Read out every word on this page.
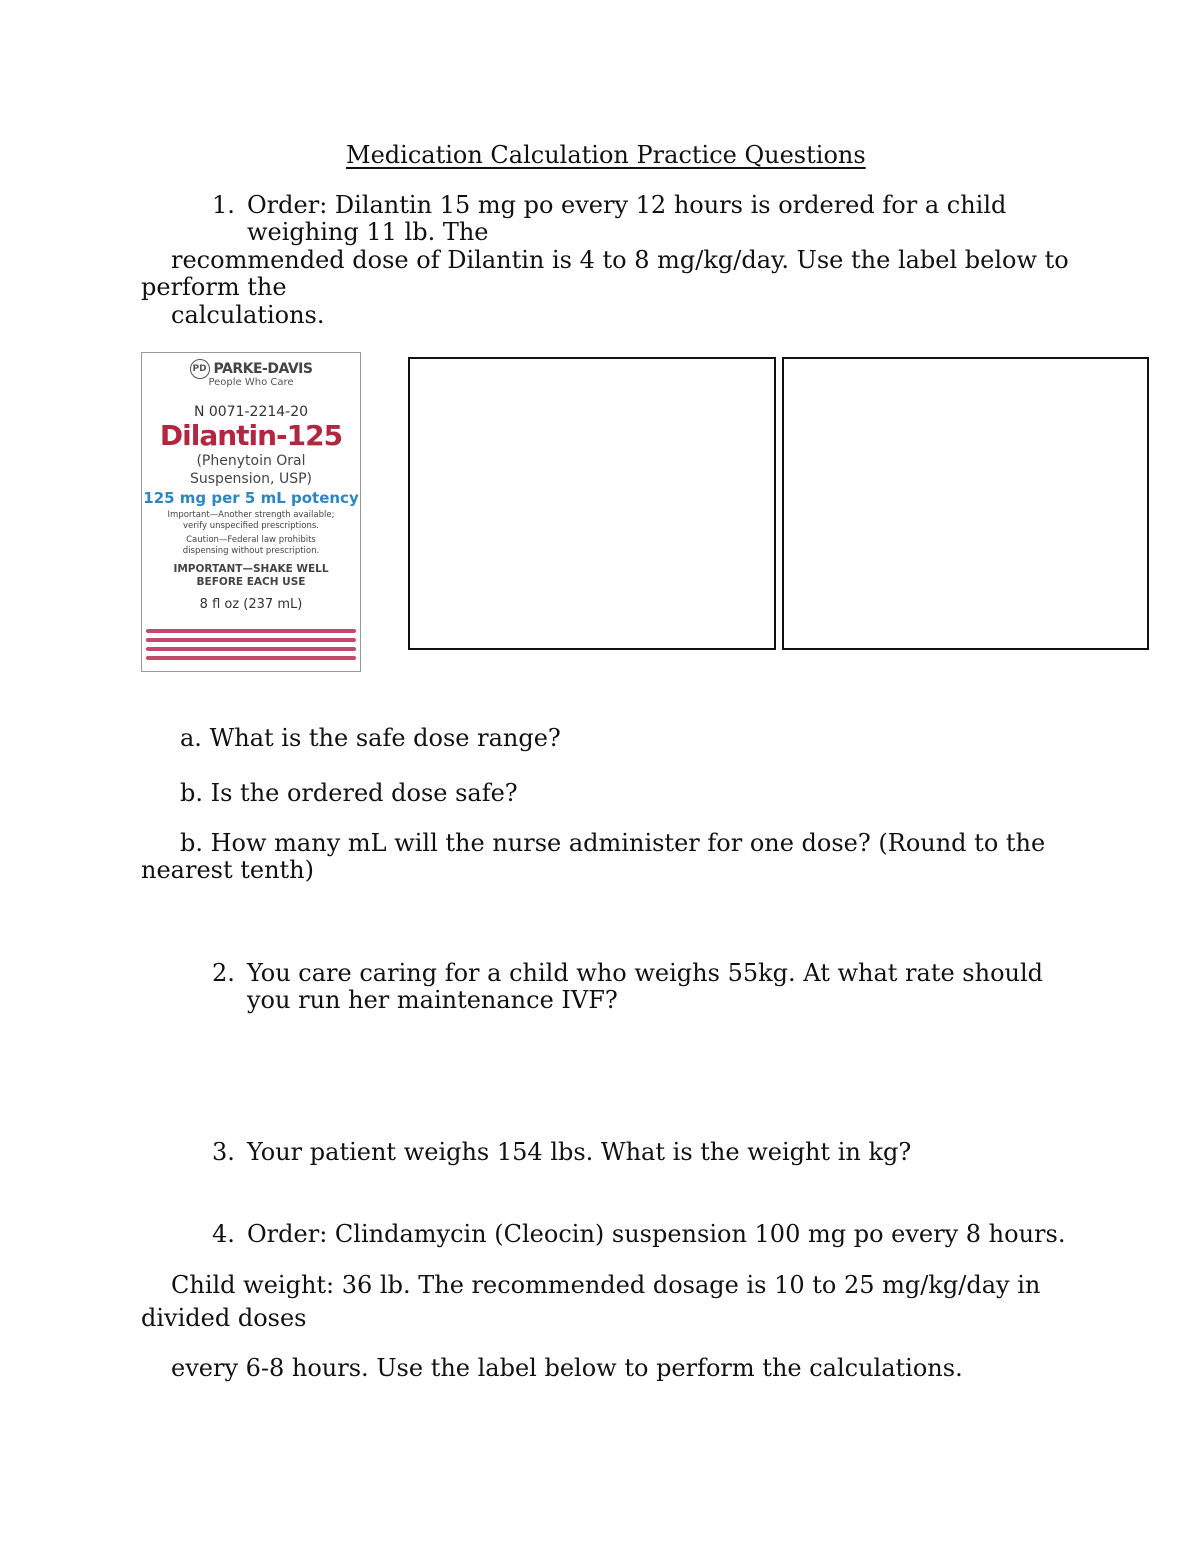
Medication Calculation Practice Questions
1. Order: Dilantin 15 mg po every 12 hours is ordered for a child
weighing 11 lb. The
recommended dose of Dilantin is 4 to 8 mg/kg/day. Use the label below to
perform the
calculations.
PD PARKE-DAVIS
People Who Care
N 0071-2214-20
Dilantin-125
(Phenytoin Oral
Suspension, USP)
125 mg per 5 mL potency
Important—Another strength available;
verify unspecified prescriptions.
Caution—Federal law prohibits
dispensing without prescription.
IMPORTANT—SHAKE WELL
BEFORE EACH USE
8 fl oz (237 mL)
a. What is the safe dose range?
b. Is the ordered dose safe?
b. How many mL will the nurse administer for one dose? (Round to the
nearest tenth)
2. You care caring for a child who weighs 55kg. At what rate should
you run her maintenance IVF?
3. Your patient weighs 154 lbs. What is the weight in kg?
4. Order: Clindamycin (Cleocin) suspension 100 mg po every 8 hours.
Child weight: 36 lb. The recommended dosage is 10 to 25 mg/kg/day in
divided doses
every 6-8 hours. Use the label below to perform the calculations.
